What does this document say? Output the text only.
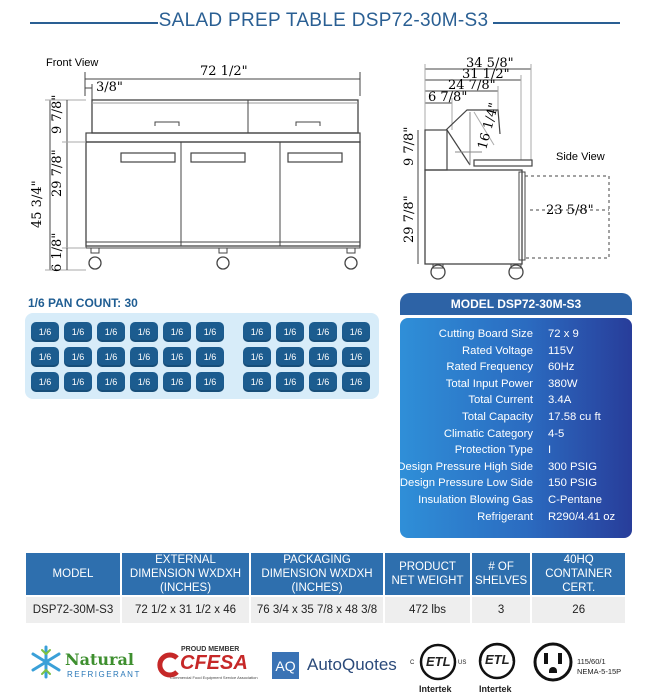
SALAD PREP TABLE DSP72-30M-S3
Front View
Side View
72 1/2"
3/8"
45 3/4"
9 7/8"
29 7/8"
6 1/8"
34 5/8"
31 1/2"
24 7/8"
6 7/8"
16 1/4"
9 7/8"
29 7/8"	23 5/8"
1/6 PAN COUNT: 30
1/6	1/6	1/6	1/6	1/6	1/6
1/6	1/6	1/6	1/6	1/6	1/6
1/6	1/6	1/6	1/6	1/6	1/6
1/6	1/6	1/6	1/6
1/6	1/6	1/6	1/6
1/6	1/6	1/6	1/6
MODEL DSP72-30M-S3
Cutting Board Size 72 x 9
Rated Voltage 115V
Rated Frequency 60Hz
Total Input Power 380W
Total Current 3.4A
Total Capacity 17.58 cu ft
Climatic Category 4-5
Protection Type I
Design Pressure High Side 300 PSIG
Design Pressure Low Side 150 PSIG
Insulation Blowing Gas C-Pentane
Refrigerant R290/4.41 oz
MODEL	EXTERNAL DIMENSION WXDXH (INCHES)	PACKAGING DIMENSION WXDXH (INCHES)	PRODUCT NET WEIGHT	# OF SHELVES	40HQ CONTAINER CERT.
DSP72-30M-S3	72 1/2 x 31 1/2 x 46	76 3/4 x 35 7/8 x 48 3/8	472 lbs	3	26
Natural
REFRIGERANT
PROUD MEMBER
CFESA
Commercial Food Equipment Service Association
AQ AutoQuotes ETL
C	US
Intertek
ETL
Intertek
115/60/1
NEMA-5-15P
